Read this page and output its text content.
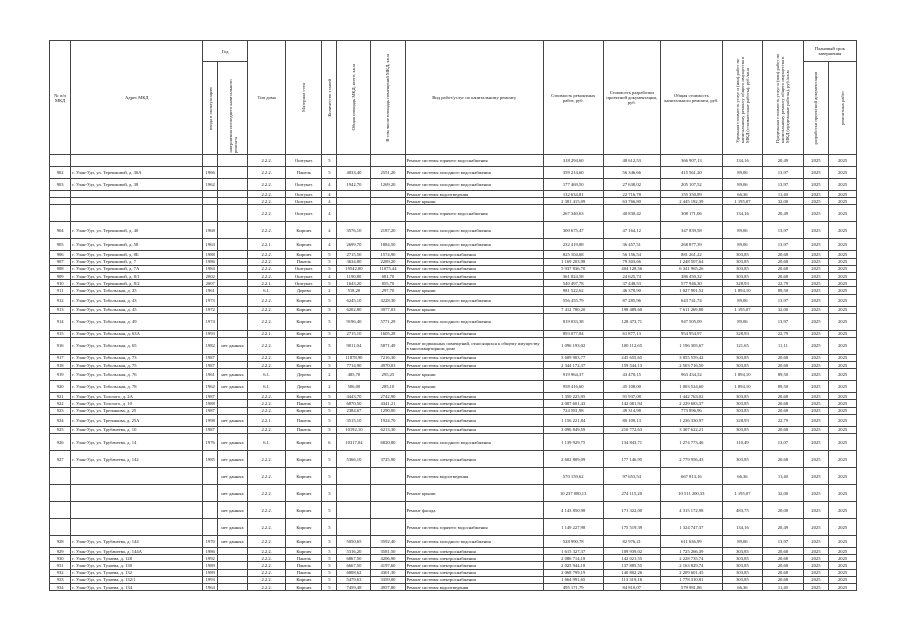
№ п/п МКД	Адрес МКД	Год		Тип дома	Материал стен	Количество этажей	Общая площадь МКД, всего, кв.м	В том числе площадь помещений МКД, кв.м	Вид работ/услуг по капитальному ремонту	Стоимость ремонтных работ, руб.	Стоимость разработки проектной документации, руб.	Общая стоимость капитального ремонта, руб.	Удельная стоимость услуг и (или) работ по капитальному ремонту общего имущества в МКД (стоимостные работы), руб./кв.м	Предельная стоимость услуг и (или) работ по капитальному ремонту общего имущества в МКД (предельные работы), руб./кв.м	Плановый срок завершения	

		ввода в эксплуатацию	завершения последнего капитального ремонта												разработки проектной документации	ремонтных работ

				2.2.2.	Оштукат.	5			Ремонт системы горячего водоснабжения	318 294,60	48 612,53	366 907,13	134,16	20,49	2025	2025
902	г. Улан-Удэ, ул. Терешковой, д. 36А	1966		2.2.2.	Панель	5	4033,40	2551,20	Ремонт системы холодного водоснабжения	359 214,60	56 346,66	415 561,20	89,06	13,97	2025	2025
903	г. Улан-Удэ, ул. Терешковой, д. 38	1962		2.2.2.	Оштукат.	4	1942,70	1269,20	Ремонт системы холодного водоснабжения	177 469,50	27 638,02	205 107,52	89,06	13,97	2025	2025
				2.2.2.	Оштукат.	4			Ремонт системы водоотведения	132 634,81	22 716,78	155 350,89	66,36	11,40	2025	2025
				2.2.2.	Оштукат.	4			Ремонт крыши	2 381 415,09	63 766,80	2 445 182,39	1 195,07	32,00	2025	2025
				2.2.2.	Оштукат.	4			Ремонт системы горячего водоснабжения	267 340,63	40 830,42	308 171,06	134,16	20,49	2025	2025
904	г. Улан-Удэ, ул. Терешковой, д. 40	1968		2.2.2.	Кирпич	4	3576,10	2187,20	Ремонт системы холодного водоснабжения	300 675,47	47 164,12	347 839,58	89,06	13,97	2025	2025
905	г. Улан-Удэ, ул. Терешковой, д. 58	1963		2.2.1.	Кирпич	4	2699,70	1884,50	Ремонт системы холодного водоснабжения	232 419,88	36 457,51	268 877,39	89,06	13,97	2025	2025
906	г. Улан-Удэ, ул. Терешковой, д. 8Б	1988		2.2.2.	Кирпич	5	2715,50	1574,90	Ремонт системы электроснабжения	825 104,68	56 156,54	881 261,22	303,85	20,68	2025	2025
907	г. Улан-Удэ, ул. Терешковой, д. 7	1986		2.2.2.	Панель	5	3634,80	2289,20	Ремонт системы электроснабжения	1 169 203,98	79 303,66	1 248 507,64	303,85	20,68	2025	2025
908	г. Улан-Удэ, ул. Терешковой, д. 7А	1984		2.2.2.	Оштукат.	5	19542,00	11075,44	Ремонт системы электроснабжения	5 937 836,70	404 128,56	6 341 965,26	303,85	20,68	2025	2025
909	г. Улан-Удэ, ул. Терешковой, д. 8/1	2002		2.2.2.	Оштукат.	4	1190,80	681,70	Ремонт системы электроснабжения	361 824,58	24 625,74	386 450,32	303,85	20,68	2025	2025
910	г. Улан-Удэ, ул. Терешковой, д. 8/2	2007		2.2.1.	Оштукат.	5	1643,20	855,70	Ремонт системы электроснабжения	540 497,78	37 448,53	577 946,30	328,93	22,79	2025	2025
911	г. Улан-Удэ, ул. Тобольская, д. 25	1961		6.1.	Дерево	2	518,20	297,70	Ремонт крыши	981 522,62	46 378,90	1 027 901,52	1 894,10	89,50	2025	2025
912	г. Улан-Удэ, ул. Тобольская, д. 43	1973		2.2.2.	Кирпич	5	6245,10	4228,30	Ремонт системы холодного водоснабжения	556 455,79	87 285,96	643 741,74	89,06	13,97	2025	2025
913	г. Улан-Удэ, ул. Тобольская, д. 45	1972		2.2.2.	Кирпич	5	6202,80	3977,03	Ремонт крыши	7 412 780,20	198 489,60	7 611 269,80	1 195,07	32,00	2025	2025
914	г. Улан-Удэ, ул. Тобольская, д. 49	1974		2.2.2.	Кирпич	5	9196,40	5771,29	Ремонт системы холодного водоснабжения	819 033,38	128 473,71	947 505,09	89,06	13,97	2025	2025
915	г. Улан-Удэ, ул. Тобольская, д. 63А	1993		2.2.1.	Кирпич	5	2715,10	1605,28	Ремонт системы электроснабжения	893 077,84	61 877,13	954 954,97	328,93	22,79	2025	2025
916	г. Улан-Удэ, ул. Тобольская, д. 65	1982	нет данных	2.2.2.	Кирпич	5	9011,04	5871,49	Ремонт подвальных помещений, относящихся к общему имуществу в многоквартирном доме	1 096 193,02	100 112,65	1 196 305,67	121,65	11,11	2025	2025
917	г. Улан-Удэ, ул. Тобольская, д. 73	1987		2.2.2.	Кирпич	5	11878,90	7216,30	Ремонт системы электроснабжения	3 609 903,77	245 655,65	3 855 559,42	303,85	20,68	2025	2025
918	г. Улан-Удэ, ул. Тобольская, д. 75	1987		2.2.2.	Кирпич	5	7714,90	4970,03	Ремонт системы электроснабжения	2 344 172,37	159 544,13	2 503 716,50	303,85	20,68	2025	2025
919	г. Улан-Удэ, ул. Тобольская, д. 76	1961	нет данных	6.1.	Дерево	2	485,70	295,25	Ремонт крыши	919 964,37	43 470,15	963 434,52	1 894,10	89,50	2025	2025
920	г. Улан-Удэ, ул. Тобольская, д. 78	1962	нет данных	6.1.	Дерево	2	506,00	285,10	Ремонт крыши	958 416,60	45 108,00	1 003 524,60	1 894,10	89,50	2025	2025
921	г. Улан-Удэ, ул. Толстого, д. 2А	1987		2.2.2.	Кирпич	5	4443,70	2742,90	Ремонт системы электроснабжения	1 350 225,95	91 937,08	1 442 763,02	303,85	20,68	2025	2025
922	г. Улан-Удэ, ул. Толстого, д. 10	1988		2.2.2.	Панель	5	6870,50	4341,21	Ремонт системы электроснабжения	2 087 601,43	142 081,94	2 229 683,37	303,85	20,68	2025	2025
923	г. Улан-Удэ, ул. Третьякова, д. 25	1987		2.2.2.	Кирпич	5	2384,67	1290,00	Ремонт системы электроснабжения	724 581,98	49 314,98	773 896,96	303,85	20,68	2025	2025
924	г. Улан-Удэ, ул. Третьякова, д. 25А	1998	нет данных	2.2.1.	Панель	5	3515,10	1924,70	Ремонт системы электроснабжения	1 156 221,84	80 109,13	1 236 330,97	328,93	22,79	2025	2025
925	г. Улан-Удэ, ул. Трубачеева, д. 10	1987		2.2.2.	Панель	5	10192,10	6213,30	Ремонт системы электроснабжения	3 096 849,59	210 772,63	3 307 622,21	303,85	20,68	2025	2025
926	г. Улан-Удэ, ул. Трубачеева, д. 14	1976	нет данных	6.1.	Кирпич	6	10317,04	6820,80	Ремонт системы холодного водоснабжения	1 139 929,75	134 843,71	1 274 773,46	110,49	13,07	2025	2025
927	г. Улан-Удэ, ул. Трубачеева, д. 142	1985	нет данных	2.2.2.	Кирпич	5	5366,10	3725,90	Ремонт системы электроснабжения	2 602 809,09	177 146,95	2 779 956,43	303,85	20,68	2025	2025
			нет данных	2.2.2.	Кирпич	5			Ремонт системы водоотведения	570 159,62	97 653,54	667 813,16	66,36	11,40	2025	2025
			нет данных	2.2.2.	Кирпич	5			Ремонт крыши	10 237 080,13	274 115,20	10 511 200,33	1 195,07	32,00	2025	2025
			нет данных	2.2.2.	Кирпич	5			Ремонт фасада	4 143 850,98	171 322,00	4 315 172,98	483,75	20,00	2025	2025
			нет данных	2.2.2.	Кирпич	5			Ремонт системы горячего водоснабжения	1 149 227,98	175 519,39	1 324 747,37	134,16	20,49	2025	2025
928	г. Улан-Удэ, ул. Трубачеева, д. 144	1970	нет данных	2.2.2.	Кирпич	5	5050,65	3592,40	Ремонт системы холодного водоснабжения	528 990,78	82 976,21	611 636,99	89,06	13,97	2025	2025
929	г. Улан-Удэ, ул. Трубачеева, д. 144А	1986		2.2.2.	Кирпич	5	5316,20	3581,50	Ремонт системы электроснабжения	1 615 327,37	109 939,02	1 725 266,39	303,85	20,68	2025	2025
930	г. Улан-Удэ, ул. Тулаева, д. 128	1992		2.2.2.	Панель	5	6867,50	4206,90	Ремонт системы электроснабжения	2 086 714,18	142 021,55	2 228 735,74	303,85	20,68	2025	2025
931	г. Улан-Удэ, ул. Тулаева, д. 130	1989		2.2.2.	Панель	5	6667,50	4197,60	Ремонт системы электроснабжения	2 025 944,18	137 885,55	2 163 829,74	303,85	20,68	2025	2025
932	г. Улан-Удэ, ул. Тулаева, д. 132	1989		2.2.2.	Панель	5	6808,62	4301,30	Ремонт системы электроснабжения	2 068 799,19	140 802,26	2 209 601,45	303,85	20,68	2025	2025
933	г. Улан-Удэ, ул. Тулаева, д. 132/1	1993		2.2.2.	Кирпич	5	5479,63	3359,00	Ремонт системы электроснабжения	1 664 991,65	113 319,16	1 778 310,81	303,85	20,68	2025	2025
934	г. Улан-Удэ, ул. Тулаева, д. 134	1964		2.2.2.	Кирпич	5	7459,48	4957,80	Ремонт системы водоотведения	495 171,79	84 810,07	579 981,86	66,36	11,40	2025	2025
